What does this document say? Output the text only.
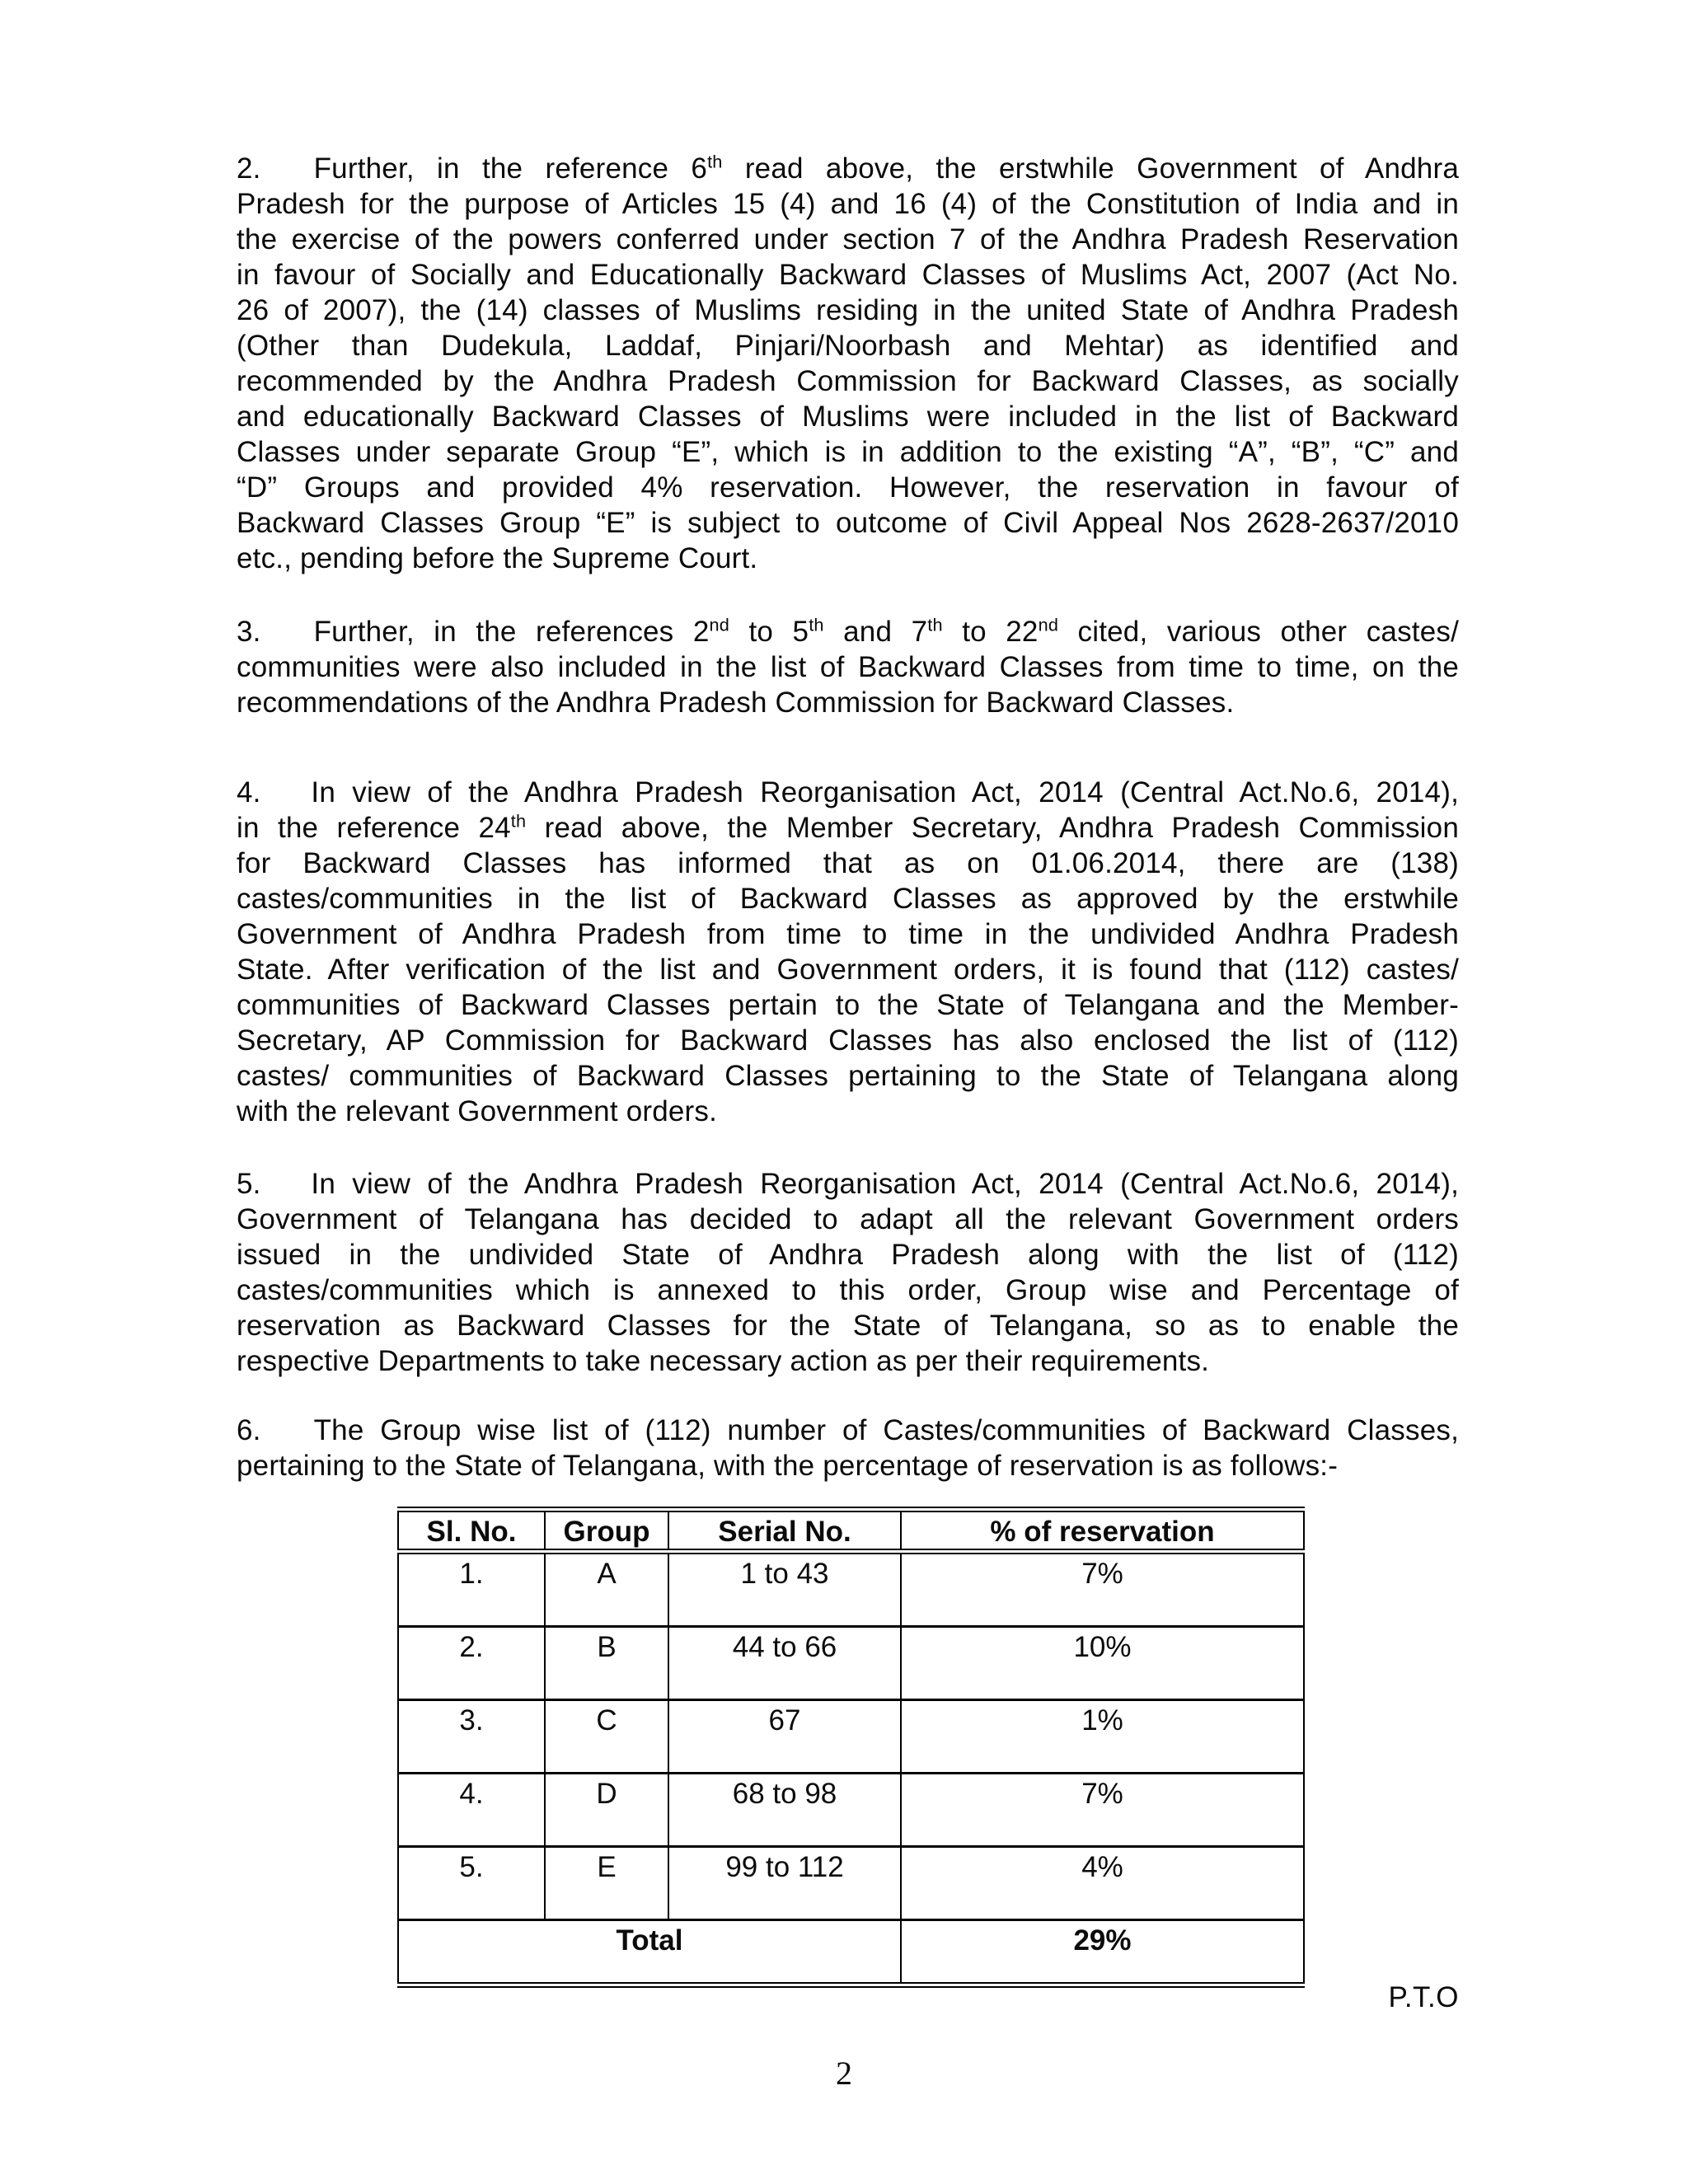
2. Further, in the reference 6th read above, the erstwhile Government of Andhra
Pradesh for the purpose of Articles 15 (4) and 16 (4) of the Constitution of India and in
the exercise of the powers conferred under section 7 of the Andhra Pradesh Reservation
in favour of Socially and Educationally Backward Classes of Muslims Act, 2007 (Act No.
26 of 2007), the (14) classes of Muslims residing in the united State of Andhra Pradesh
(Other than Dudekula, Laddaf, Pinjari/Noorbash and Mehtar) as identified and
recommended by the Andhra Pradesh Commission for Backward Classes, as socially
and educationally Backward Classes of Muslims were included in the list of Backward
Classes under separate Group “E”, which is in addition to the existing “A”, “B”, “C” and
“D” Groups and provided 4% reservation. However, the reservation in favour of
Backward Classes Group “E” is subject to outcome of Civil Appeal Nos 2628-2637/2010
etc., pending before the Supreme Court.
3. Further, in the references 2nd to 5th and 7th to 22nd cited, various other castes/
communities were also included in the list of Backward Classes from time to time, on the
recommendations of the Andhra Pradesh Commission for Backward Classes.
4.   In view of the Andhra Pradesh Reorganisation Act, 2014 (Central Act.No.6, 2014),
in the reference 24th read above, the Member Secretary, Andhra Pradesh Commission
for Backward Classes has informed that as on 01.06.2014, there are (138)
castes/communities in the list of Backward Classes as approved by the erstwhile
Government of Andhra Pradesh from time to time in the undivided Andhra Pradesh
State. After verification of the list and Government orders, it is found that (112) castes/
communities of Backward Classes pertain to the State of Telangana and the Member-
Secretary, AP Commission for Backward Classes has also enclosed the list of (112)
castes/ communities of Backward Classes pertaining to the State of Telangana along
with the relevant Government orders.
5.   In view of the Andhra Pradesh Reorganisation Act, 2014 (Central Act.No.6, 2014),
Government of Telangana has decided to adapt all the relevant Government orders
issued in the undivided State of Andhra Pradesh along with the list of (112)
castes/communities which is annexed to this order, Group wise and Percentage of
reservation as Backward Classes for the State of Telangana, so as to enable the
respective Departments to take necessary action as per their requirements.
6. The Group wise list of (112) number of Castes/communities of Backward Classes,
pertaining to the State of Telangana, with the percentage of reservation is as follows:-
Sl. No.	Group	Serial No.	% of reservation
1.	A	1 to 43	7%
2.	B	44 to 66	10%
3.	C	67	1%
4.	D	68 to 98	7%
5.	E	99 to 112	4%
Total			29%
P.T.O
2
